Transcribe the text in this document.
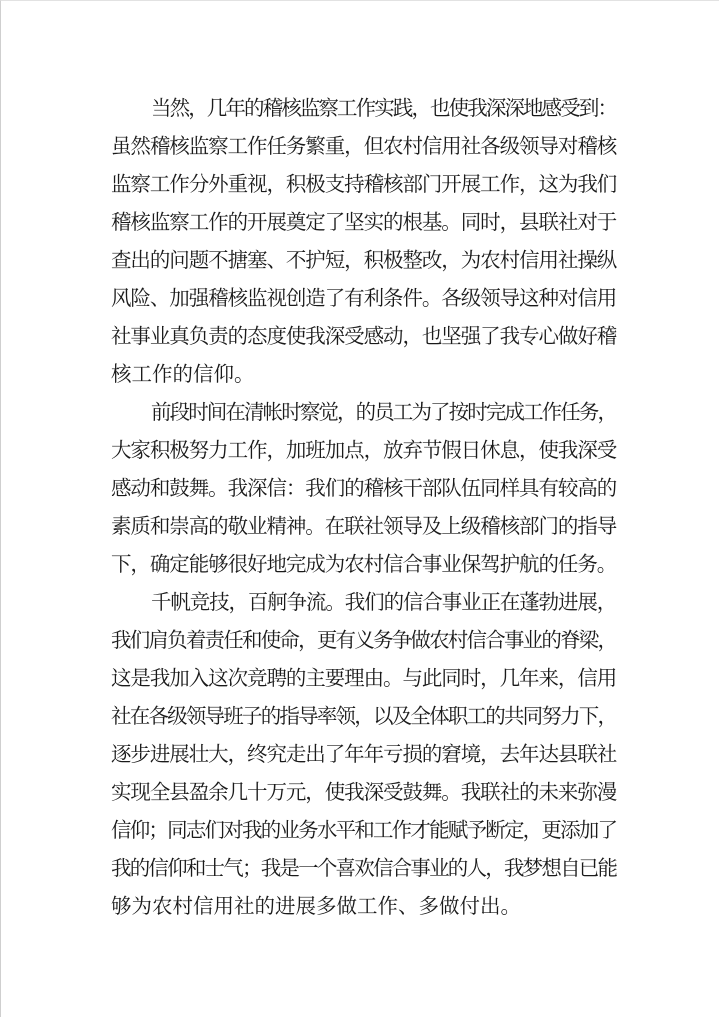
当然，几年的稽核监察工作实践，也使我深深地感受到：
虽然稽核监察工作任务繁重，但农村信用社各级领导对稽核
监察工作分外重视，积极支持稽核部门开展工作，这为我们
稽核监察工作的开展奠定了坚实的根基。同时，县联社对于
查出的问题不搪塞、不护短，积极整改，为农村信用社操纵
风险、加强稽核监视创造了有利条件。各级领导这种对信用
社事业真负责的态度使我深受感动，也坚强了我专心做好稽
核工作的信仰。
前段时间在清帐时察觉，的员工为了按时完成工作任务，
大家积极努力工作，加班加点，放弃节假日休息，使我深受
感动和鼓舞。我深信：我们的稽核干部队伍同样具有较高的
素质和崇高的敬业精神。在联社领导及上级稽核部门的指导
下，确定能够很好地完成为农村信合事业保驾护航的任务。
千帆竞技，百舸争流。我们的信合事业正在蓬勃进展，
我们肩负着责任和使命，更有义务争做农村信合事业的脊梁，
这是我加入这次竞聘的主要理由。与此同时，几年来，信用
社在各级领导班子的指导率领，以及全体职工的共同努力下，
逐步进展壮大，终究走出了年年亏损的窘境，去年达县联社
实现全县盈余几十万元，使我深受鼓舞。我联社的未来弥漫
信仰；同志们对我的业务水平和工作才能赋予断定，更添加了
我的信仰和士气；我是一个喜欢信合事业的人，我梦想自已能
够为农村信用社的进展多做工作、多做付出。
